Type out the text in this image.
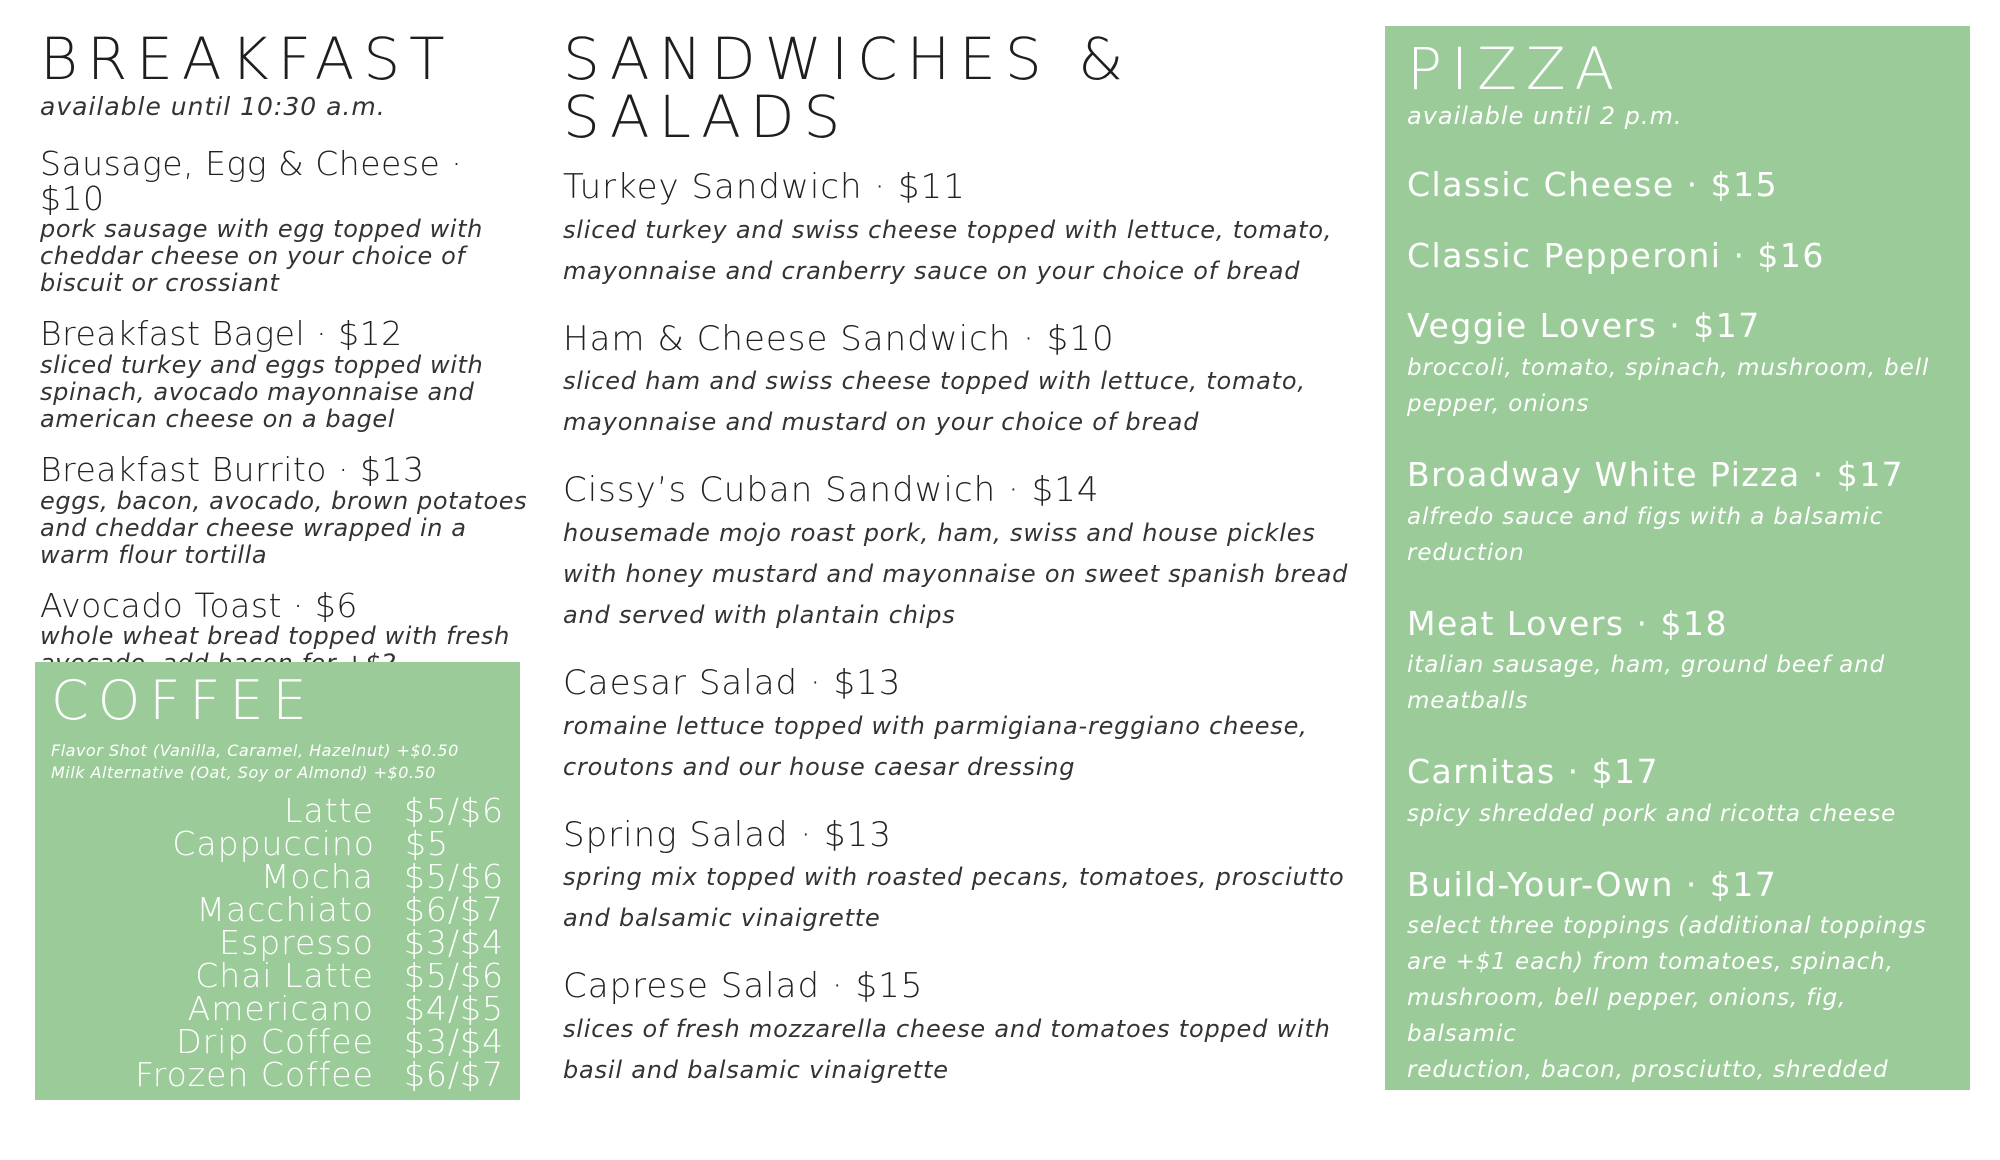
BREAKFAST

available until 10:30 a.m.

Sausage, Egg & Cheese · $10
pork sausage with egg topped with
cheddar cheese on your choice of
biscuit or crossiant
Breakfast Bagel · $12
sliced turkey and eggs topped with
spinach, avocado mayonnaise and
american cheese on a bagel
Breakfast Burrito · $13
eggs, bacon, avocado, brown potatoes
and cheddar cheese wrapped in a
warm flour tortilla
Avocado Toast · $6
whole wheat bread topped with fresh
COFFEE
Flavor Shot (Vanilla, Caramel, Hazelnut) +$0.50
Milk Alternative (Oat, Soy or Almond) +$0.50
Latte $5/$6
Cappuccino $5
Mocha $5/$6
Macchiato $6/$7
Espresso $3/$4
Chai Latte $5/$6
Americano $4/$5
Drip Coffee $3/$4
Frozen Coffee $6/$7
SANDWICHES & SALADS
Turkey Sandwich · $11
sliced turkey and swiss cheese topped with lettuce, tomato,
mayonnaise and cranberry sauce on your choice of bread
Ham & Cheese Sandwich · $10
sliced ham and swiss cheese topped with lettuce, tomato,
mayonnaise and mustard on your choice of bread
Cissy’s Cuban Sandwich · $14
housemade mojo roast pork, ham, swiss and house pickles
with honey mustard and mayonnaise on sweet spanish bread
and served with plantain chips
Caesar Salad · $13
romaine lettuce topped with parmigiana-reggiano cheese,
croutons and our house caesar dressing
Spring Salad · $13
spring mix topped with roasted pecans, tomatoes, prosciutto
and balsamic vinaigrette
Caprese Salad · $15
slices of fresh mozzarella cheese and tomatoes topped with
basil and balsamic vinaigrette
PIZZA

available until 2 p.m.

Classic Cheese · $15
Classic Pepperoni · $16
Veggie Lovers · $17
broccoli, tomato, spinach, mushroom, bell
pepper, onions
Broadway White Pizza · $17
alfredo sauce and figs with a balsamic
reduction
Meat Lovers · $18
italian sausage, ham, ground beef and
meatballs
Carnitas · $17
spicy shredded pork and ricotta cheese
Build-Your-Own · $17
select three toppings (additional toppings
are +$1 each) from tomatoes, spinach,
mushroom, bell pepper, onions, fig, balsamic
reduction, bacon, prosciutto, shredded pork,
italian sausage, ham
